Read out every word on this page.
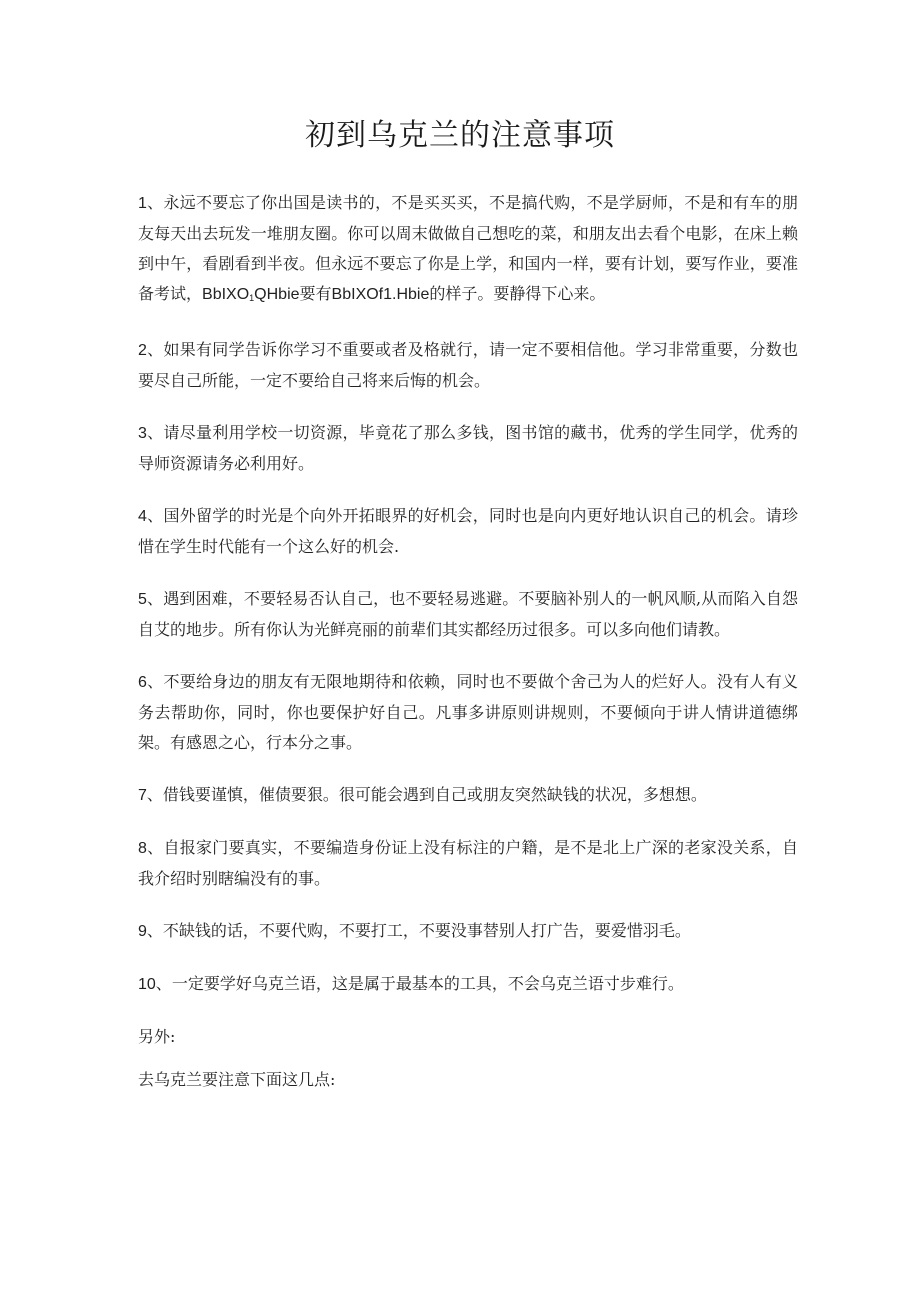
初到乌克兰的注意事项

1、永远不要忘了你出国是读书的，不是买买买，不是搞代购，不是学厨师，不是和有车的朋友每天出去玩发一堆朋友圈。你可以周末做做自己想吃的菜，和朋友出去看个电影，在床上赖到中午，看剧看到半夜。但永远不要忘了你是上学，和国内一样，要有计划，要写作业，要准备考试，BbIXO$_1$QHbie要有BbIXOf1.Hbie的样子。要静得下心来。

2、如果有同学告诉你学习不重要或者及格就行，请一定不要相信他。学习非常重要，分数也要尽自己所能，一定不要给自己将来后悔的机会。

3、请尽量利用学校一切资源，毕竟花了那么多钱，图书馆的藏书，优秀的学生同学，优秀的导师资源请务必利用好。

4、国外留学的时光是个向外开拓眼界的好机会，同时也是向内更好地认识自己的机会。请珍惜在学生时代能有一个这么好的机会.

5、遇到困难，不要轻易否认自己，也不要轻易逃避。不要脑补别人的一帆风顺,从而陷入自怨自艾的地步。所有你认为光鲜亮丽的前辈们其实都经历过很多。可以多向他们请教。

6、不要给身边的朋友有无限地期待和依赖，同时也不要做个舍己为人的烂好人。没有人有义务去帮助你，同时，你也要保护好自己。凡事多讲原则讲规则，不要倾向于讲人情讲道德绑架。有感恩之心，行本分之事。

7、借钱要谨慎，催债要狠。很可能会遇到自己或朋友突然缺钱的状况，多想想。

8、自报家门要真实，不要编造身份证上没有标注的户籍，是不是北上广深的老家没关系，自我介绍时别瞎编没有的事。

9、不缺钱的话，不要代购，不要打工，不要没事替别人打广告，要爱惜羽毛。

10、一定要学好乌克兰语，这是属于最基本的工具，不会乌克兰语寸步难行。

另外:

去乌克兰要注意下面这几点:
